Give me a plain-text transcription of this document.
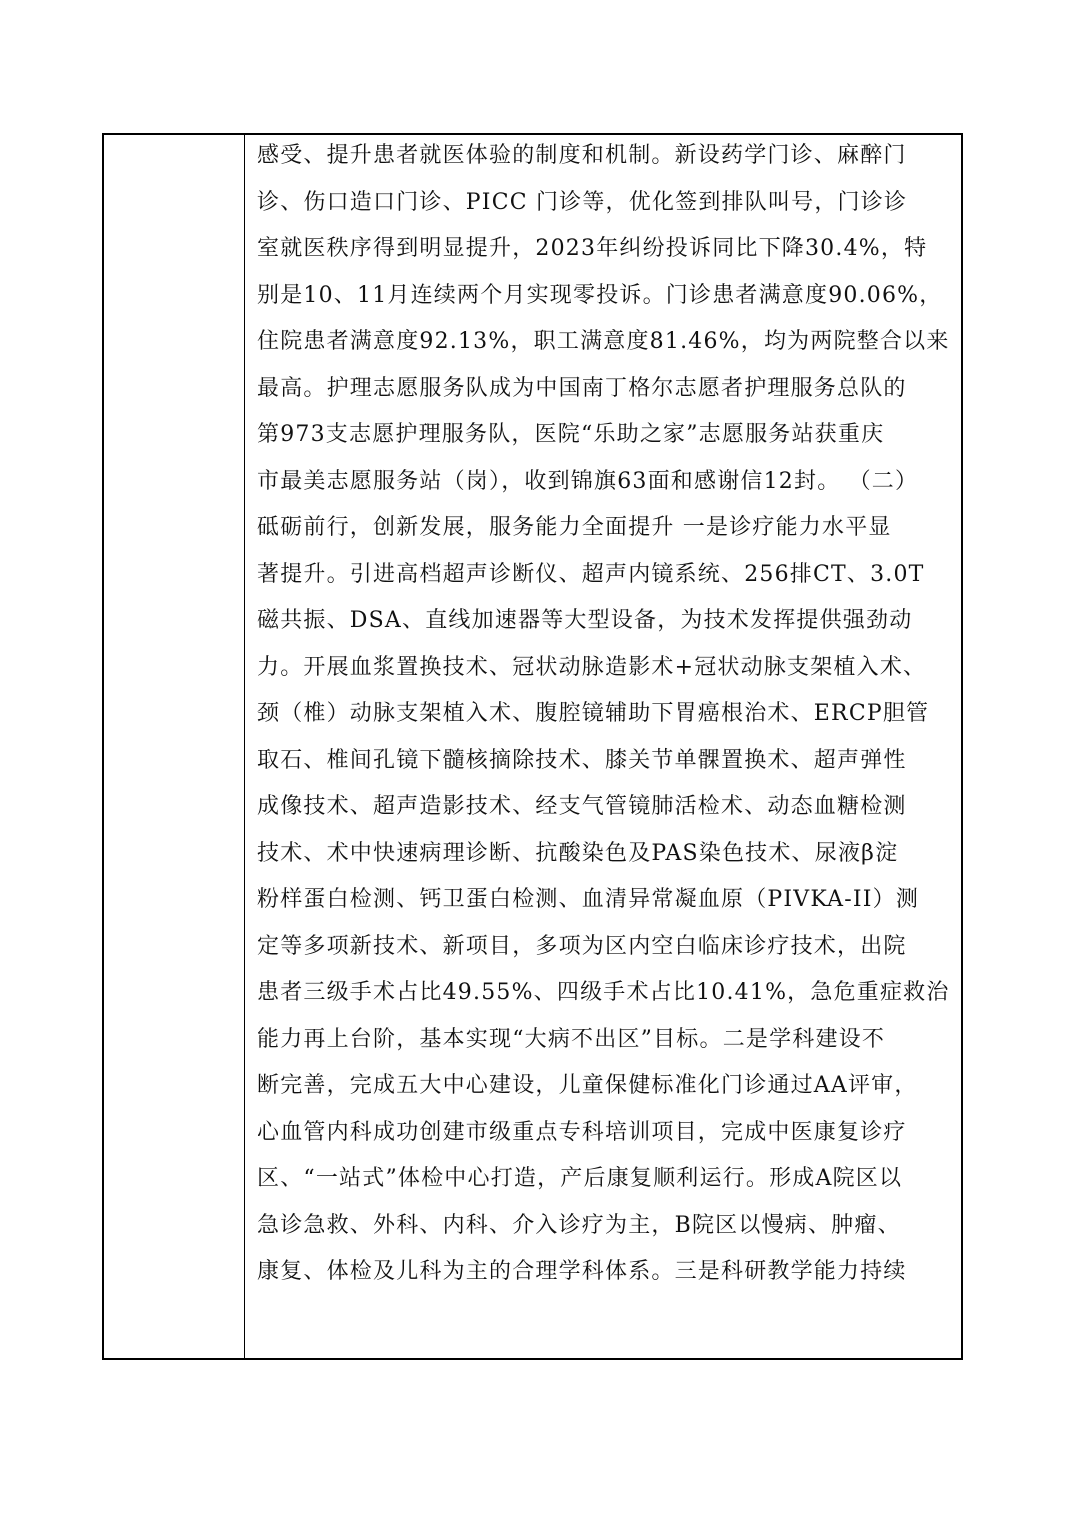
感受、提升患者就医体验的制度和机制。新设药学门诊、麻醉门
诊、伤口造口门诊、PICC 门诊等，优化签到排队叫号，门诊诊
室就医秩序得到明显提升，2023年纠纷投诉同比下降30.4%，特
别是10、11月连续两个月实现零投诉。门诊患者满意度90.06%，
住院患者满意度92.13%，职工满意度81.46%，均为两院整合以来
最高。护理志愿服务队成为中国南丁格尔志愿者护理服务总队的
第973支志愿护理服务队，医院“乐助之家”志愿服务站获重庆
市最美志愿服务站（岗），收到锦旗63面和感谢信12封。 （二）
砥砺前行，创新发展，服务能力全面提升 一是诊疗能力水平显
著提升。引进高档超声诊断仪、超声内镜系统、256排CT、3.0T
磁共振、DSA、直线加速器等大型设备，为技术发挥提供强劲动
力。开展血浆置换技术、冠状动脉造影术+冠状动脉支架植入术、
颈（椎）动脉支架植入术、腹腔镜辅助下胃癌根治术、ERCP胆管
取石、椎间孔镜下髓核摘除技术、膝关节单髁置换术、超声弹性
成像技术、超声造影技术、经支气管镜肺活检术、动态血糖检测
技术、术中快速病理诊断、抗酸染色及PAS染色技术、尿液β淀
粉样蛋白检测、钙卫蛋白检测、血清异常凝血原（PIVKA-II）测
定等多项新技术、新项目，多项为区内空白临床诊疗技术，出院
患者三级手术占比49.55%、四级手术占比10.41%，急危重症救治
能力再上台阶，基本实现“大病不出区”目标。二是学科建设不
断完善，完成五大中心建设，儿童保健标准化门诊通过AA评审，
心血管内科成功创建市级重点专科培训项目，完成中医康复诊疗
区、“一站式”体检中心打造，产后康复顺利运行。形成A院区以
急诊急救、外科、内科、介入诊疗为主，B院区以慢病、肿瘤、
康复、体检及儿科为主的合理学科体系。三是科研教学能力持续
